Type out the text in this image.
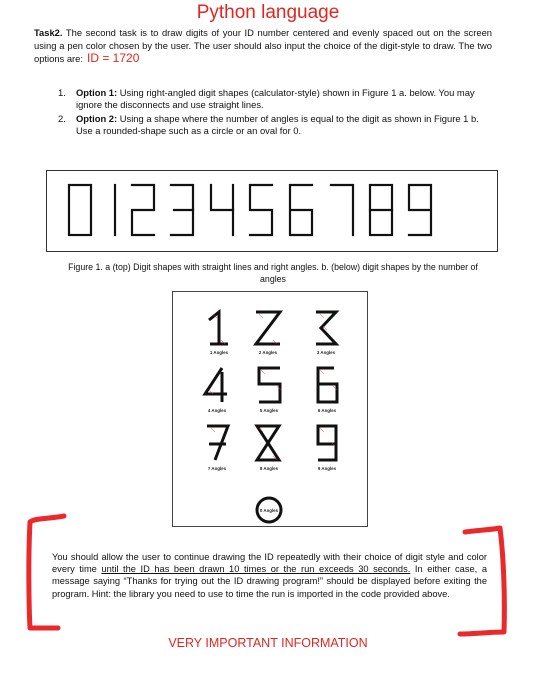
Python language
Task2. The second task is to draw digits of your ID number centered and evenly spaced out on the screen using a pen color chosen by the user. The user should also input the choice of the digit-style to draw. The two options are: ID = 1720
1. Option 1: Using right-angled digit shapes (calculator-style) shown in Figure 1 a. below. You may ignore the disconnects and use straight lines.
2. Option 2: Using a shape where the number of angles is equal to the digit as shown in Figure 1 b. Use a rounded-shape such as a circle or an oval for 0.
Figure 1. a (top) Digit shapes with straight lines and right angles. b. (below) digit shapes by the number of angles
1 Angles	2 Angles	3 Angles
4 Angles	5 Angles	6 Angles
7 Angles	8 Angles	9 Angles
0 Angles
You should allow the user to continue drawing the ID repeatedly with their choice of digit style and color every time until the ID has been drawn 10 times or the run exceeds 30 seconds. In either case, a message saying “Thanks for trying out the ID drawing program!” should be displayed before exiting the program. Hint: the library you need to use to time the run is imported in the code provided above.
VERY IMPORTANT INFORMATION
